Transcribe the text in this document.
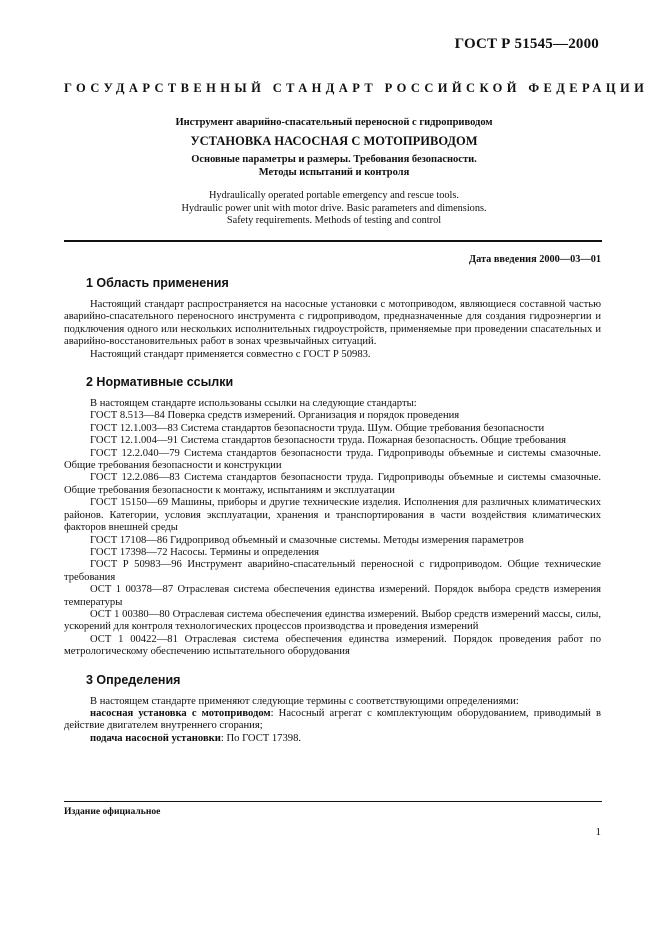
ГОСТ Р 51545—2000
ГОСУДАРСТВЕННЫЙ СТАНДАРТ РОССИЙСКОЙ ФЕДЕРАЦИИ
Инструмент аварийно-спасательный переносной с гидроприводом
УСТАНОВКА НАСОСНАЯ С МОТОПРИВОДОМ
Основные параметры и размеры. Требования безопасности.
Методы испытаний и контроля
Hydraulically operated portable emergency and rescue tools.
Hydraulic power unit with motor drive. Basic parameters and dimensions.
Safety requirements. Methods of testing and control
Дата введения 2000—03—01
1 Область применения

Настоящий стандарт распространяется на насосные установки с мотоприводом, являющиеся составной частью аварийно-спасательного переносного инструмента с гидроприводом, предназначенные для создания гидроэнергии и подключения одного или нескольких исполнительных гидроустройств, применяемые при проведении спасательных и аварийно-восстановительных работ в зонах чрезвычайных ситуаций.

Настоящий стандарт применяется совместно с ГОСТ Р 50983.

2 Нормативные ссылки

В настоящем стандарте использованы ссылки на следующие стандарты:

ГОСТ 8.513—84 Поверка средств измерений. Организация и порядок проведения

ГОСТ 12.1.003—83 Система стандартов безопасности труда. Шум. Общие требования безопасности

ГОСТ 12.1.004—91 Система стандартов безопасности труда. Пожарная безопасность. Общие требования

ГОСТ 12.2.040—79 Система стандартов безопасности труда. Гидроприводы объемные и системы смазочные. Общие требования безопасности и конструкции

ГОСТ 12.2.086—83 Система стандартов безопасности труда. Гидроприводы объемные и системы смазочные. Общие требования безопасности к монтажу, испытаниям и эксплуатации

ГОСТ 15150—69 Машины, приборы и другие технические изделия. Исполнения для различных климатических районов. Категории, условия эксплуатации, хранения и транспортирования в части воздействия климатических факторов внешней среды

ГОСТ 17108—86 Гидропривод объемный и смазочные системы. Методы измерения параметров

ГОСТ 17398—72 Насосы. Термины и определения

ГОСТ Р 50983—96 Инструмент аварийно-спасательный переносной с гидроприводом. Общие технические требования

ОСТ 1 00378—87 Отраслевая система обеспечения единства измерений. Порядок выбора средств измерения температуры

ОСТ 1 00380—80 Отраслевая система обеспечения единства измерений. Выбор средств измерений массы, силы, ускорений для контроля технологических процессов производства и проведения измерений

ОСТ 1 00422—81 Отраслевая система обеспечения единства измерений. Порядок проведения работ по метрологическому обеспечению испытательного оборудования

3 Определения

В настоящем стандарте применяют следующие термины с соответствующими определениями:

насосная установка с мотоприводом: Насосный агрегат с комплектующим оборудованием, приводимый в действие двигателем внутреннего сгорания;

подача насосной установки: По ГОСТ 17398.

Издание официальное
1
